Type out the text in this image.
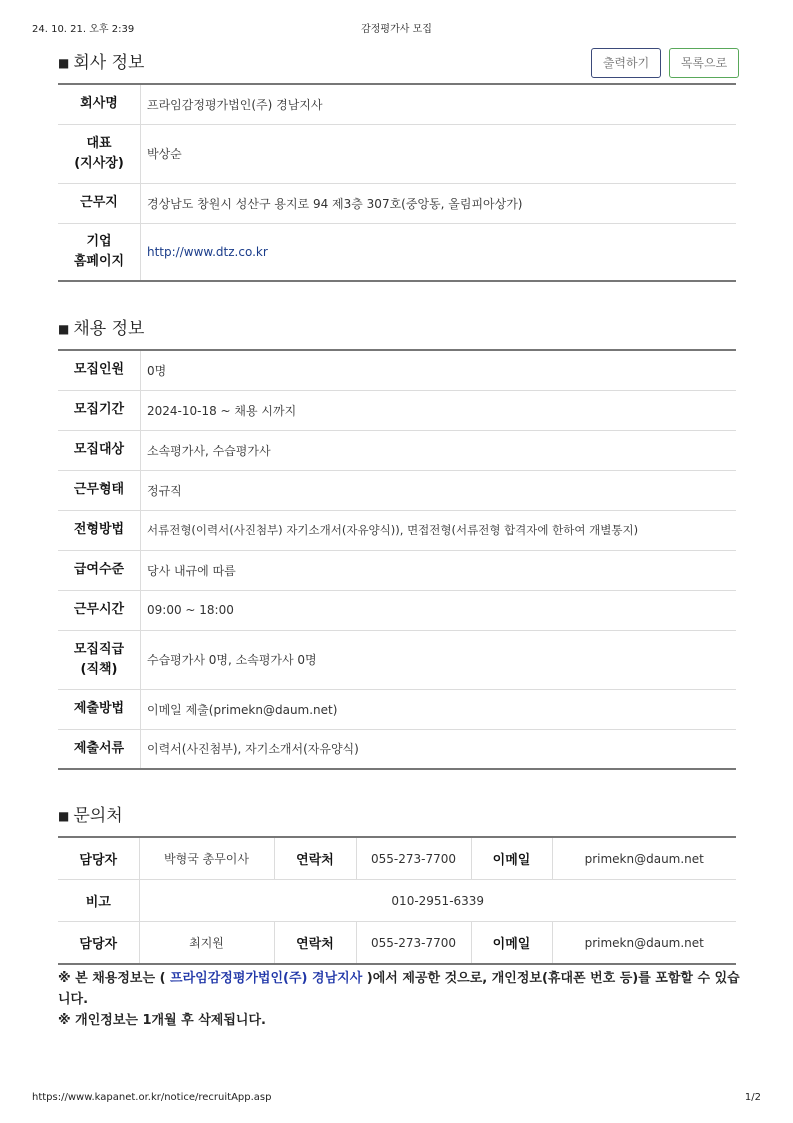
24. 10. 21. 오후 2:39	감정평가사 모집
■ 회사 정보	출력하기	목록으로
회사명	프라임감정평가법인(주) 경남지사
대표
(지사장)	박상순
근무지	경상남도 창원시 성산구 용지로 94 제3층 307호(중앙동, 올림피아상가)
기업
홈페이지	http://www.dtz.co.kr
■ 채용 정보
모집인원	0명
모집기간	2024-10-18 ~ 채용 시까지
모집대상	소속평가사, 수습평가사
근무형태	정규직
전형방법	서류전형(이력서(사진첨부) 자기소개서(자유양식)), 면접전형(서류전형 합격자에 한하여 개별통지)
급여수준	당사 내규에 따름
근무시간	09:00 ~ 18:00
모집직급
(직책)	수습평가사 0명, 소속평가사 0명
제출방법	이메일 제출(primekn@daum.net)
제출서류	이력서(사진첨부), 자기소개서(자유양식)
■ 문의처
담당자	박형국 총무이사	연락처	055-273-7700	이메일	primekn@daum.net
비고	010-2951-6339				
담당자	최지원	연락처	055-273-7700	이메일	primekn@daum.net
※ 본 채용정보는 ( 프라임감정평가법인(주) 경남지사 )에서 제공한 것으로, 개인정보(휴대폰 번호 등)를 포함할 수 있습니다.
※ 개인정보는 1개월 후 삭제됩니다.
https://www.kapanet.or.kr/notice/recruitApp.asp	1/2
